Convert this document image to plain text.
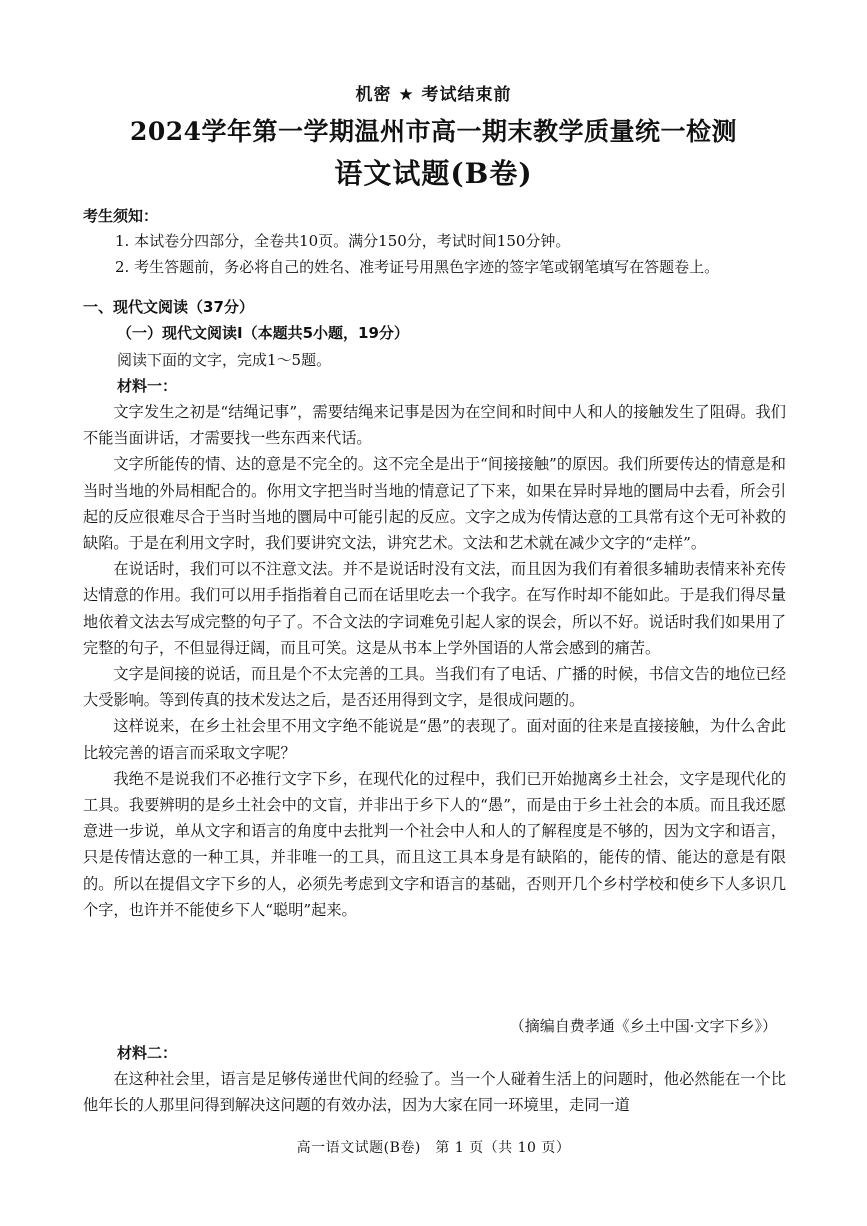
机密 ★ 考试结束前
2024学年第一学期温州市高一期末教学质量统一检测
语文试题(B卷)
考生须知：
1. 本试卷分四部分，全卷共10页。满分150分，考试时间150分钟。
2. 考生答题前，务必将自己的姓名、准考证号用黑色字迹的签字笔或钢笔填写在答题卷上。
一、现代文阅读（37分）
（一）现代文阅读Ⅰ（本题共5小题，19分）
阅读下面的文字，完成1～5题。
材料一：

文字发生之初是“结绳记事”，需要结绳来记事是因为在空间和时间中人和人的接触发生了阻碍。我们不能当面讲话，才需要找一些东西来代话。

文字所能传的情、达的意是不完全的。这不完全是出于“间接接触”的原因。我们所要传达的情意是和当时当地的外局相配合的。你用文字把当时当地的情意记了下来，如果在异时异地的圜局中去看，所会引起的反应很难尽合于当时当地的圜局中可能引起的反应。文字之成为传情达意的工具常有这个无可补救的缺陷。于是在利用文字时，我们要讲究文法，讲究艺术。文法和艺术就在减少文字的“走样”。

在说话时，我们可以不注意文法。并不是说话时没有文法，而且因为我们有着很多辅助表情来补充传达情意的作用。我们可以用手指指着自己而在话里吃去一个我字。在写作时却不能如此。于是我们得尽量地依着文法去写成完整的句子了。不合文法的字词难免引起人家的误会，所以不好。说话时我们如果用了完整的句子，不但显得迂阔，而且可笑。这是从书本上学外国语的人常会感到的痛苦。

文字是间接的说话，而且是个不太完善的工具。当我们有了电话、广播的时候，书信文告的地位已经大受影响。等到传真的技术发达之后，是否还用得到文字，是很成问题的。

这样说来，在乡土社会里不用文字绝不能说是“愚”的表现了。面对面的往来是直接接触，为什么舍此比较完善的语言而采取文字呢？

我绝不是说我们不必推行文字下乡，在现代化的过程中，我们已开始抛离乡土社会，文字是现代化的工具。我要辨明的是乡土社会中的文盲，并非出于乡下人的“愚”，而是由于乡土社会的本质。而且我还愿意进一步说，单从文字和语言的角度中去批判一个社会中人和人的了解程度是不够的，因为文字和语言，只是传情达意的一种工具，并非唯一的工具，而且这工具本身是有缺陷的，能传的情、能达的意是有限的。所以在提倡文字下乡的人，必须先考虑到文字和语言的基础，否则开几个乡村学校和使乡下人多识几个字，也许并不能使乡下人“聪明”起来。

（摘编自费孝通《乡土中国·文字下乡》）
材料二：

在这种社会里，语言是足够传递世代间的经验了。当一个人碰着生活上的问题时，他必然能在一个比他年长的人那里问得到解决这问题的有效办法，因为大家在同一环境里，走同一道

高一语文试题(B卷)　第 1 页（共 10 页）
